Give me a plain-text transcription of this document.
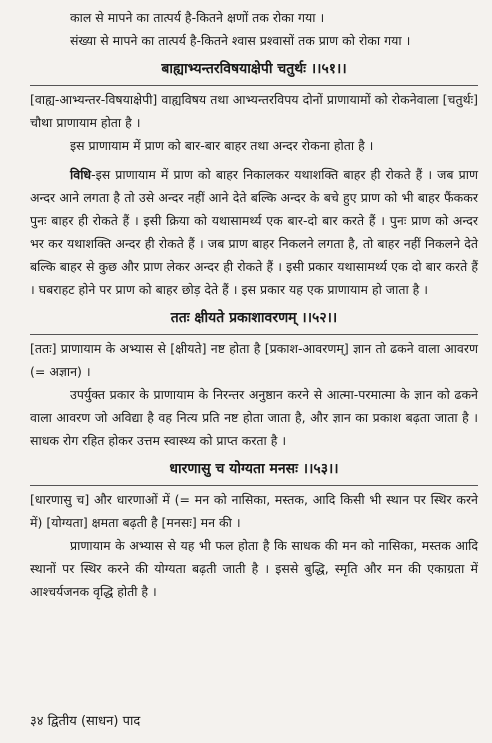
काल से मापने का तात्पर्य है-कितने क्षणों तक रोका गया ।

संख्या से मापने का तात्पर्य है-कितने श्वास प्रश्वासों तक प्राण को रोका गया ।

बाह्याभ्यन्तरविषयाक्षेपी चतुर्थः ।।५१।।

[वाह्य-आभ्यन्तर-विषयाक्षेपी] वाह्यविषय तथा आभ्यन्तरविपय दोनों प्राणायामों को रोकनेवाला [चतुर्थः] चौथा प्राणायाम होता है ।

इस प्राणायाम में प्राण को बार-बार बाहर तथा अन्दर रोकना होता है ।

विधि-इस प्राणायाम में प्राण को बाहर निकालकर यथाशक्ति बाहर ही रोकते हैं । जब प्राण अन्दर आने लगता है तो उसे अन्दर नहीं आने देते बल्कि अन्दर के बचे हुए प्राण को भी बाहर फैंककर पुनः बाहर ही रोकते हैं । इसी क्रिया को यथासामर्थ्य एक बार-दो बार करते हैं । पुनः प्राण को अन्दर भर कर यथाशक्ति अन्दर ही रोकते हैं । जब प्राण बाहर निकलने लगता है, तो बाहर नहीं निकलने देते बल्कि बाहर से कुछ और प्राण लेकर अन्दर ही रोकते हैं । इसी प्रकार यथासामर्थ्य एक दो बार करते हैं । घबराहट होने पर प्राण को बाहर छोड़ देते हैं । इस प्रकार यह एक प्राणायाम हो जाता है ।

ततः क्षीयते प्रकाशावरणम् ।।५२।।

[ततः] प्राणायाम के अभ्यास से [क्षीयते] नष्ट होता है [प्रकाश-आवरणम्] ज्ञान तो ढकने वाला आवरण (= अज्ञान) ।

उपर्युक्त प्रकार के प्राणायाम के निरन्तर अनुष्ठान करने से आत्मा-परमात्मा के ज्ञान को ढकने वाला आवरण जो अविद्या है वह नित्य प्रति नष्ट होता जाता है, और ज्ञान का प्रकाश बढ़ता जाता है । साधक रोग रहित होकर उत्तम स्वास्थ्य को प्राप्त करता है ।

धारणासु च योग्यता मनसः ।।५३।।

[धारणासु च] और धारणाओं में (= मन को नासिका, मस्तक, आदि किसी भी स्थान पर स्थिर करने में) [योग्यता] क्षमता बढ़ती है [मनसः] मन की ।

प्राणायाम के अभ्यास से यह भी फल होता है कि साधक की मन को नासिका, मस्तक आदि स्थानों पर स्थिर करने की योग्यता बढ़ती जाती है । इससे बुद्धि, स्मृति और मन की एकाग्रता में आश्चर्यजनक वृद्धि होती है ।

३४ द्वितीय (साधन) पाद
